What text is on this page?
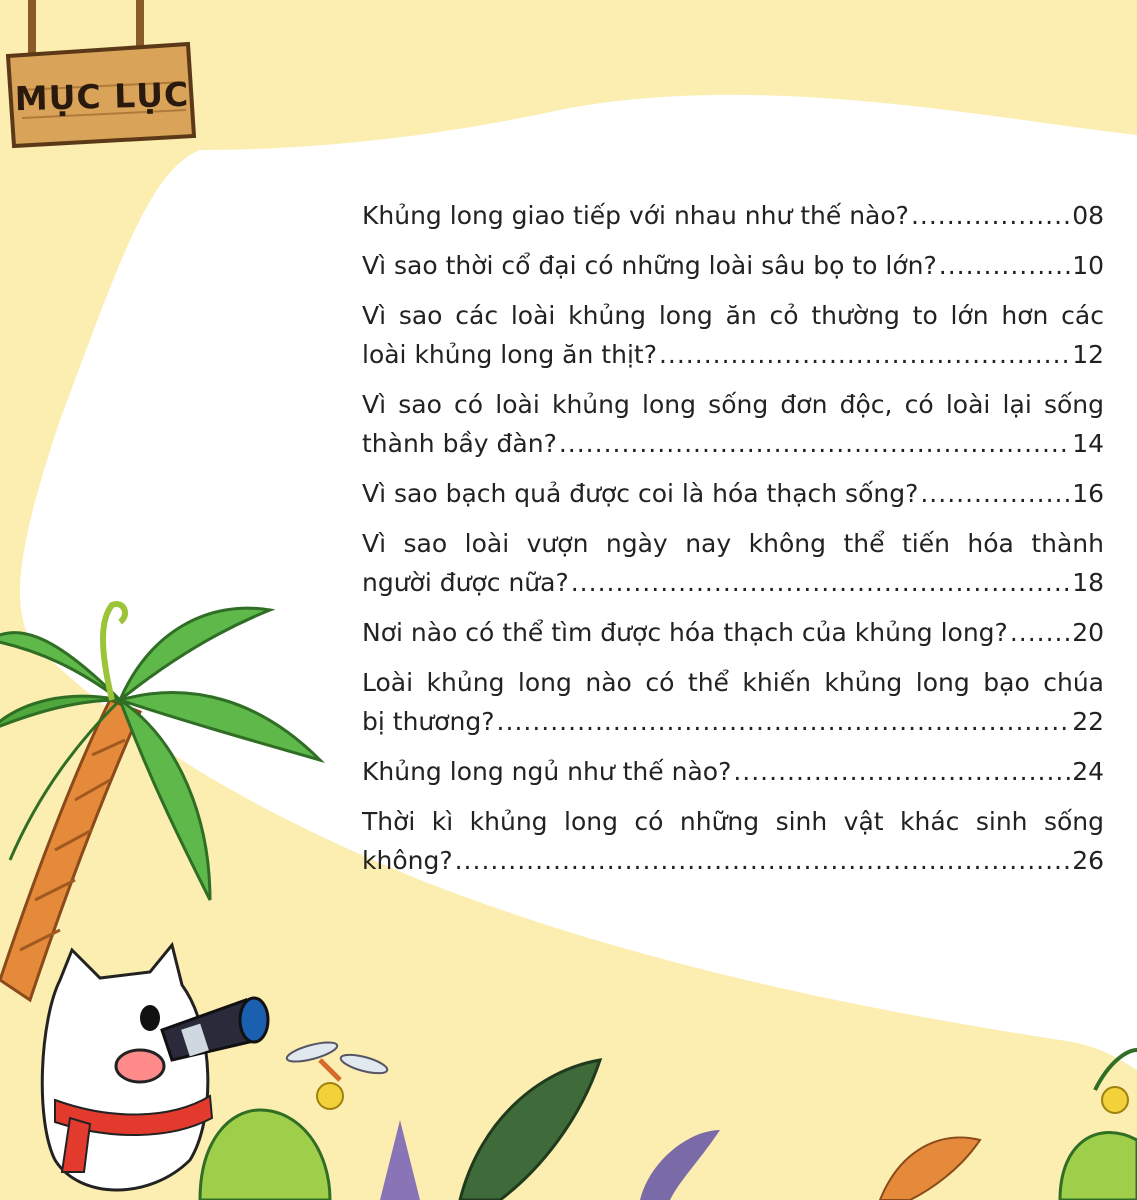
MỤC LỤC
Khủng long giao tiếp với nhau như thế nào? .....	08
Vì sao thời cổ đại có những loài sâu bọ to lớn? .....	10
Vì sao các loài khủng long ăn cỏ thường to lớn hơn các
loài khủng long ăn thịt? .....	12
Vì sao có loài khủng long sống đơn độc, có loài lại sống
thành bầy đàn? .....	14
Vì sao bạch quả được coi là hóa thạch sống? .....	16
Vì sao loài vượn ngày nay không thể tiến hóa thành
người được nữa? .....	18
Nơi nào có thể tìm được hóa thạch của khủng long? .....	20
Loài khủng long nào có thể khiến khủng long bạo chúa
bị thương? .....	22
Khủng long ngủ như thế nào? .....	24
Thời kì khủng long có những sinh vật khác sinh sống
không? .....	26
